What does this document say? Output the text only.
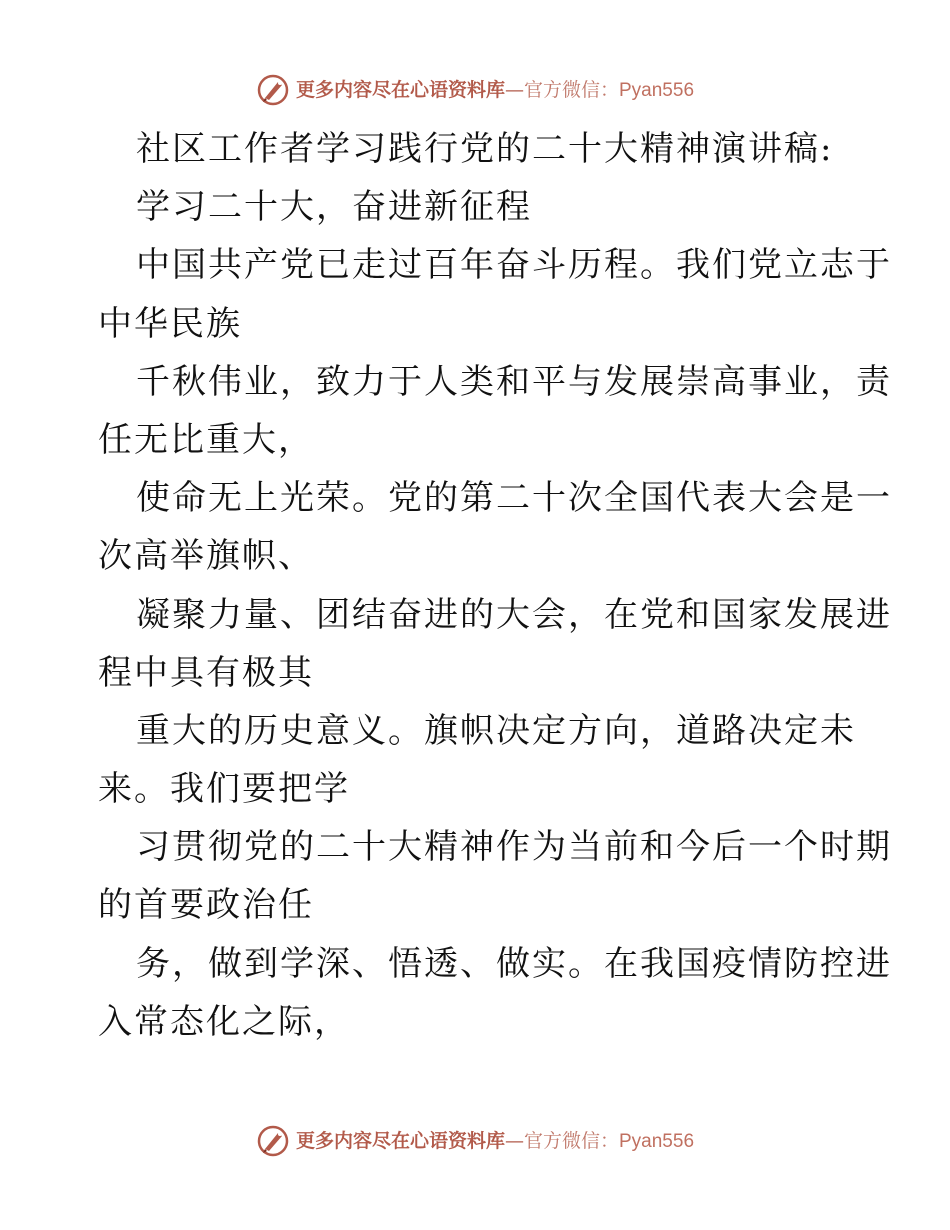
更多内容尽在心语资料库 — 官方微信： Pyan556
社区工作者学习践行党的二十大精神演讲稿:
学习二十大，奋进新征程
中国共产党已走过百年奋斗历程。我们党立志于
中华民族
千秋伟业，致力于人类和平与发展崇高事业，责
任无比重大，
使命无上光荣。党的第二十次全国代表大会是一
次高举旗帜、
凝聚力量、团结奋进的大会，在党和国家发展进
程中具有极其
重大的历史意义。旗帜决定方向，道路决定未
来。我们要把学
习贯彻党的二十大精神作为当前和今后一个时期
的首要政治任
务，做到学深、悟透、做实。在我国疫情防控进
入常态化之际，
更多内容尽在心语资料库 — 官方微信： Pyan556
